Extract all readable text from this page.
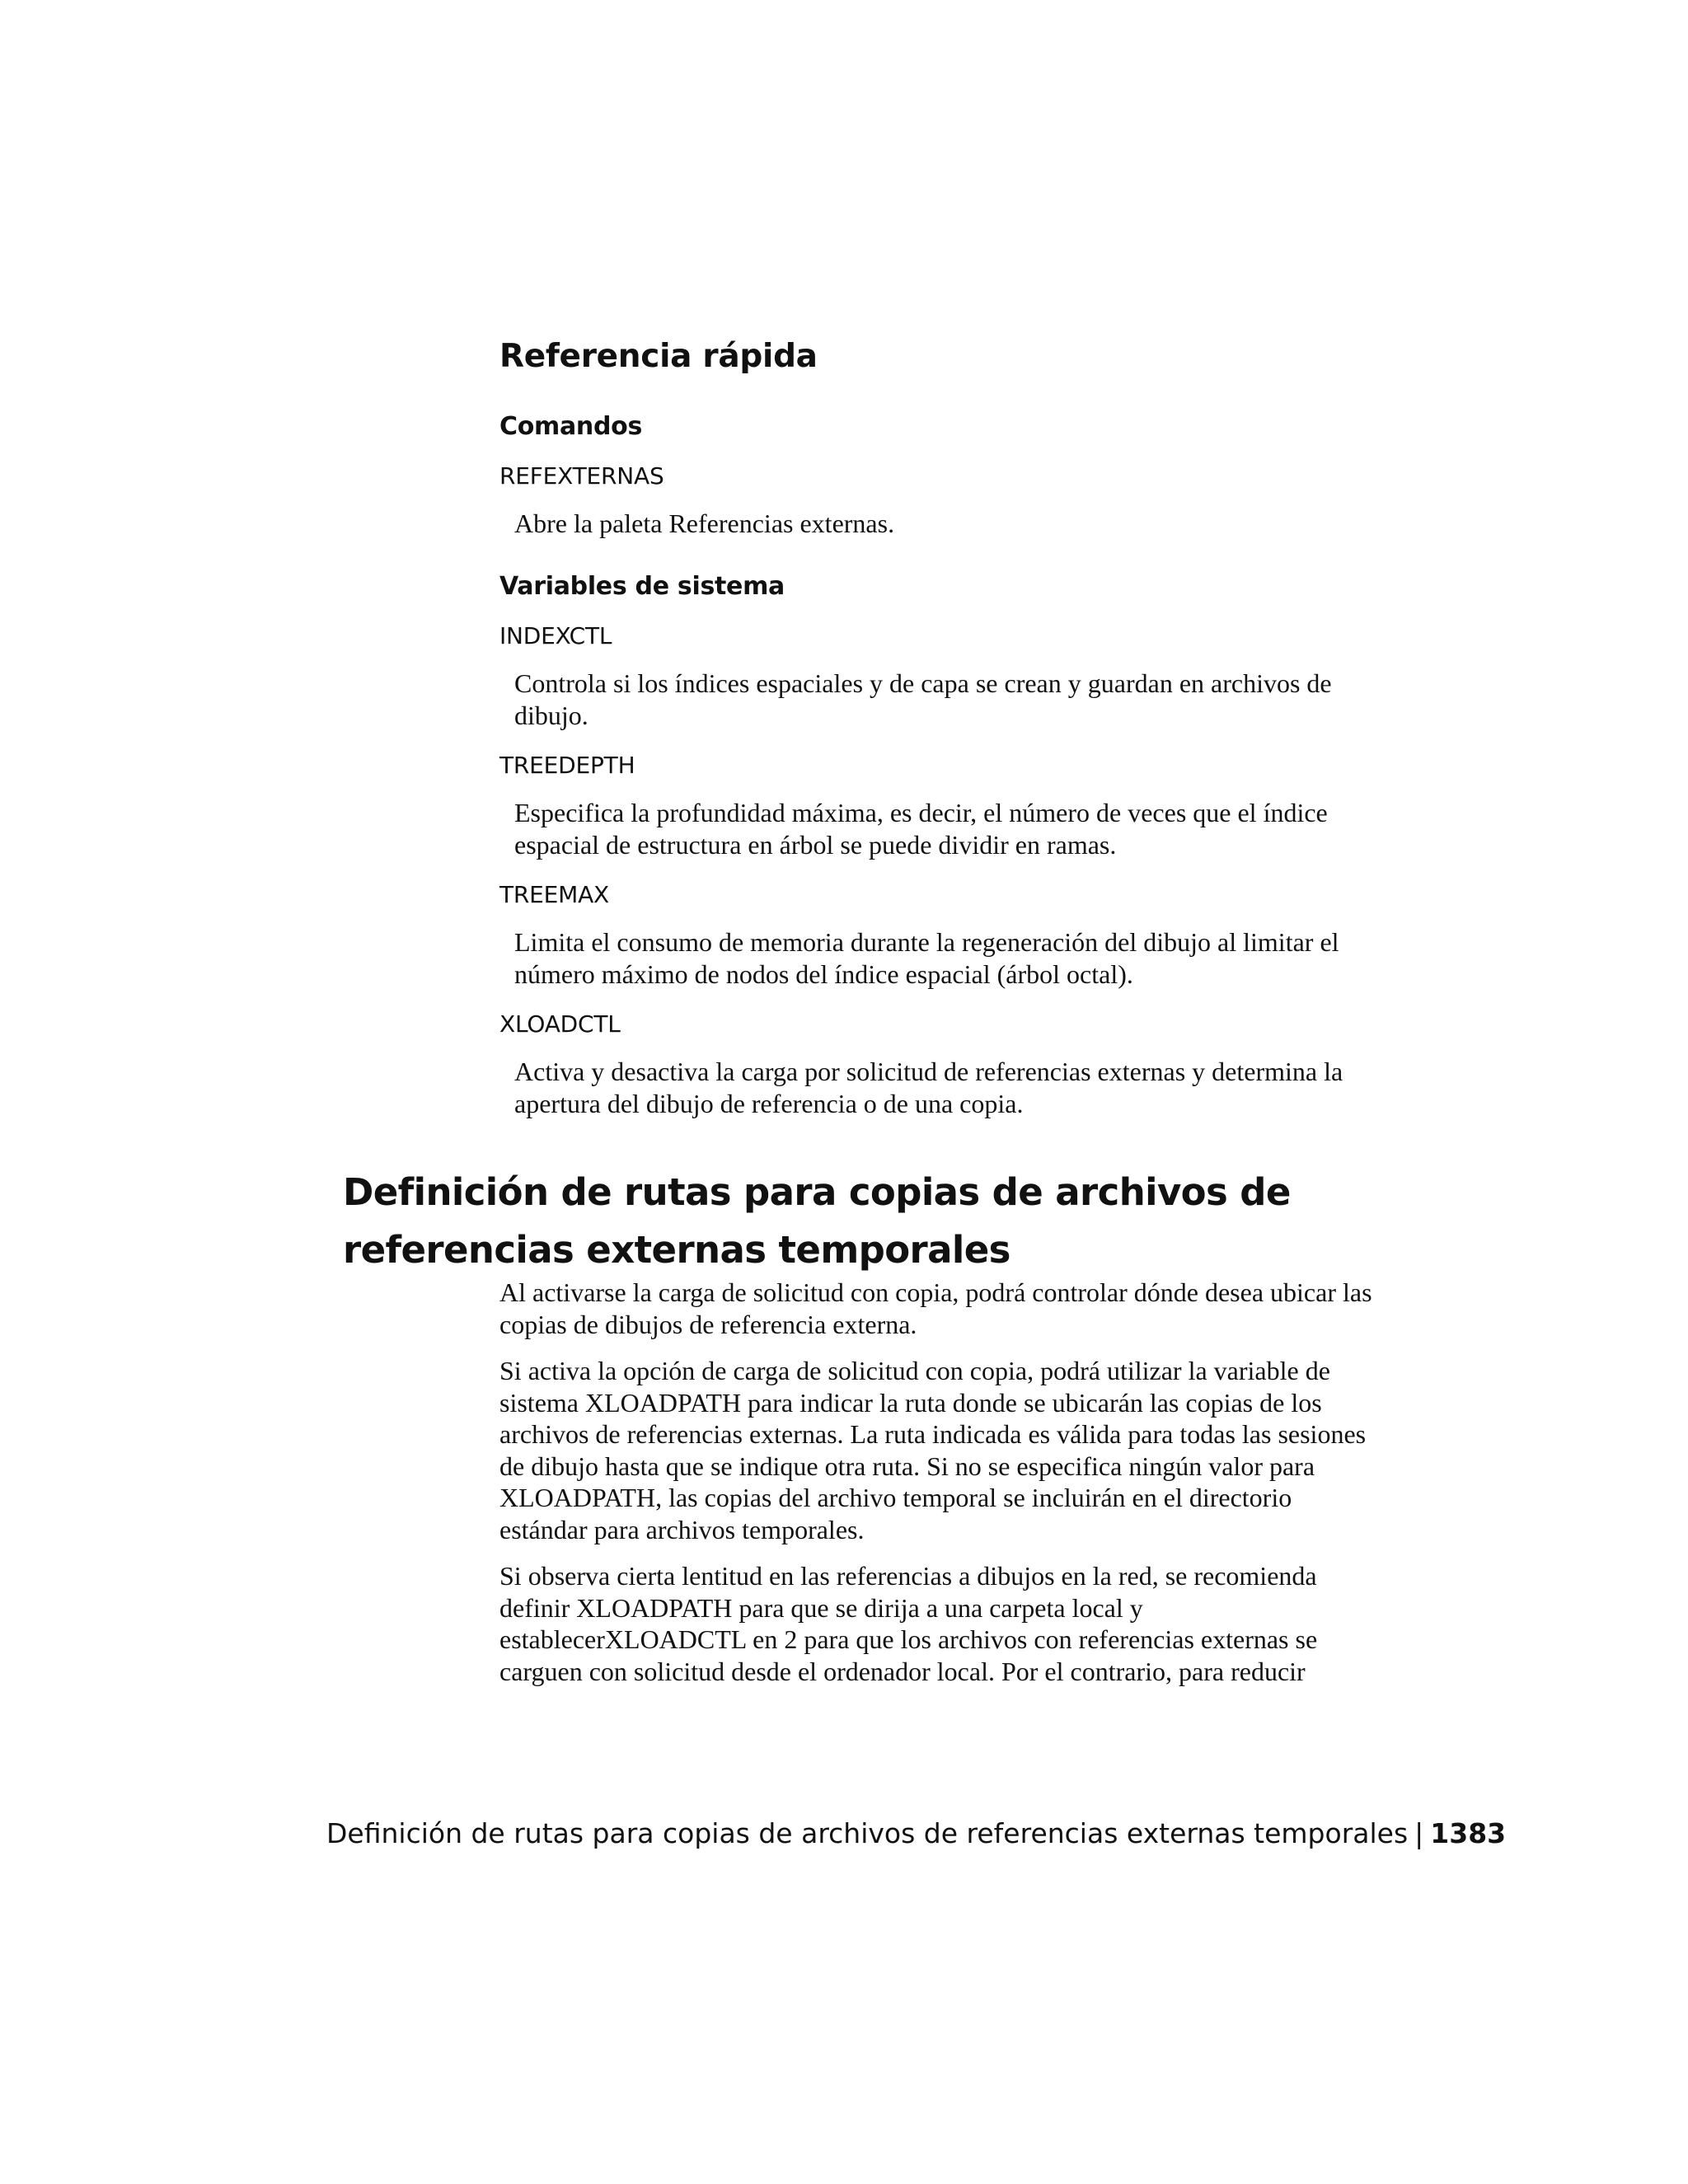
Referencia rápida
Comandos
REFEXTERNAS
Abre la paleta Referencias externas.
Variables de sistema
INDEXCTL
Controla si los índices espaciales y de capa se crean y guardan en archivos de dibujo.
TREEDEPTH
Especifica la profundidad máxima, es decir, el número de veces que el índice espacial de estructura en árbol se puede dividir en ramas.
TREEMAX
Limita el consumo de memoria durante la regeneración del dibujo al limitar el número máximo de nodos del índice espacial (árbol octal).
XLOADCTL
Activa y desactiva la carga por solicitud de referencias externas y determina la apertura del dibujo de referencia o de una copia.
Definición de rutas para copias de archivos de referencias externas temporales

Al activarse la carga de solicitud con copia, podrá controlar dónde desea ubicar las copias de dibujos de referencia externa.

Si activa la opción de carga de solicitud con copia, podrá utilizar la variable de sistema XLOADPATH para indicar la ruta donde se ubicarán las copias de los archivos de referencias externas. La ruta indicada es válida para todas las sesiones de dibujo hasta que se indique otra ruta. Si no se especifica ningún valor para XLOADPATH, las copias del archivo temporal se incluirán en el directorio estándar para archivos temporales.

Si observa cierta lentitud en las referencias a dibujos en la red, se recomienda definir XLOADPATH para que se dirija a una carpeta local y establecerXLOADCTL en 2 para que los archivos con referencias externas se carguen con solicitud desde el ordenador local. Por el contrario, para reducir

Definición de rutas para copias de archivos de referencias externas temporales | 1383
